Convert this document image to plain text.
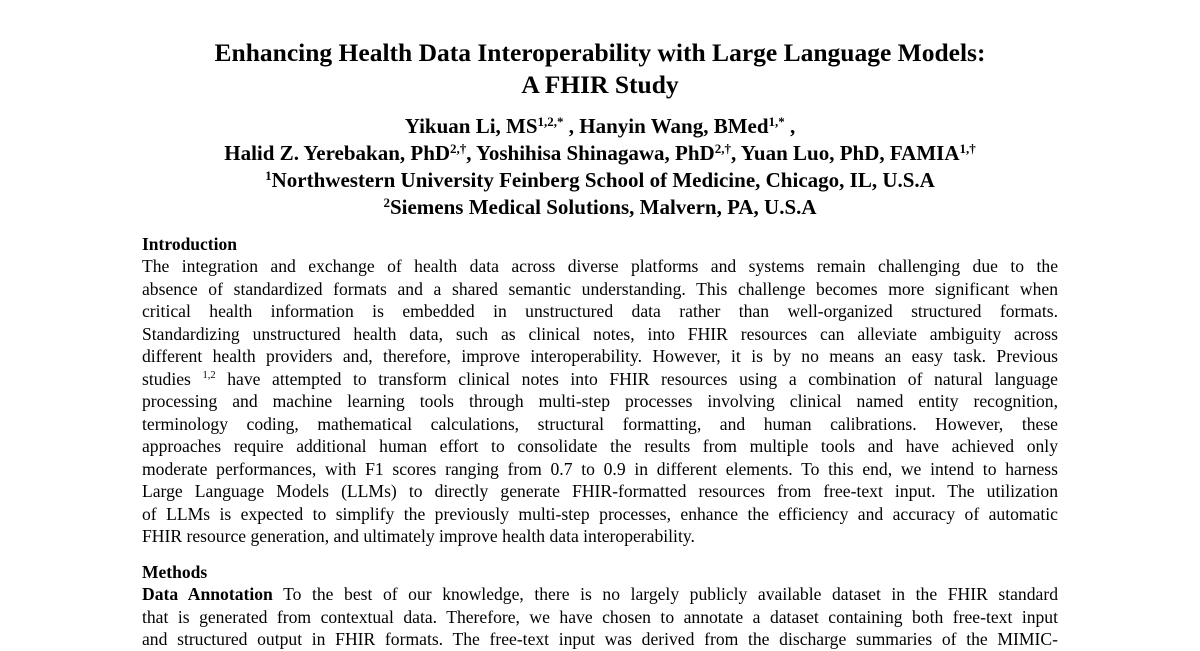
Enhancing Health Data Interoperability with Large Language Models:
A FHIR Study
Yikuan Li, $MS^{1,2,*}$ , Hanyin Wang, BMed$^{1,*}$ ,
Halid Z. Yerebakan, PhD$^{2,\dagger}$, Yoshihisa Shinagawa, PhD$^{2,\dagger}$, Yuan Luo, PhD, $FAMIA^{1,\dagger}$
$^1$Northwestern University Feinberg School of Medicine, Chicago, IL, U.S.A
$^2$Siemens Medical Solutions, Malvern, PA, U.S.A
Introduction
The integration and exchange of health data across diverse platforms and systems remain challenging due to the
absence of standardized formats and a shared semantic understanding. This challenge becomes more significant when
critical health information is embedded in unstructured data rather than well-organized structured formats.
Standardizing unstructured health data, such as clinical notes, into FHIR resources can alleviate ambiguity across
different health providers and, therefore, improve interoperability. However, it is by no means an easy task. Previous
studies $^{1,2}$ have attempted to transform clinical notes into FHIR resources using a combination of natural language
processing and machine learning tools through multi-step processes involving clinical named entity recognition,
terminology coding, mathematical calculations, structural formatting, and human calibrations. However, these
approaches require additional human effort to consolidate the results from multiple tools and have achieved only
moderate performances, with F1 scores ranging from 0.7 to 0.9 in different elements. To this end, we intend to harness
Large Language Models (LLMs) to directly generate FHIR-formatted resources from free-text input. The utilization
of LLMs is expected to simplify the previously multi-step processes, enhance the efficiency and accuracy of automatic
FHIR resource generation, and ultimately improve health data interoperability.
Methods
Data Annotation To the best of our knowledge, there is no largely publicly available dataset in the FHIR standard
that is generated from contextual data. Therefore, we have chosen to annotate a dataset containing both free-text input
and structured output in FHIR formats. The free-text input was derived from the discharge summaries of the MIMIC-
